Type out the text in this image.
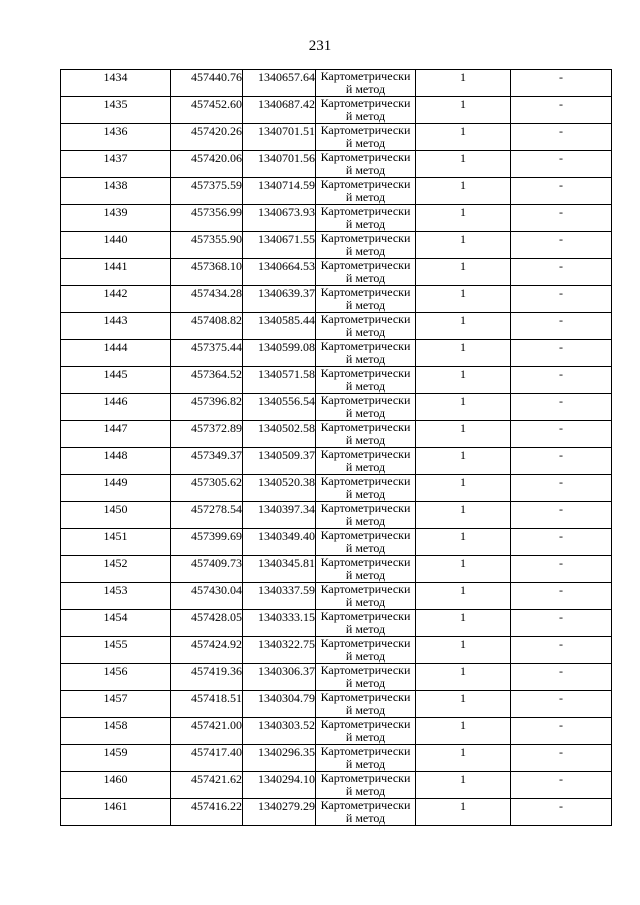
231
1434	457440.76	1340657.64	Картометрически
й метод	1	-

1435	457452.60	1340687.42	Картометрически
й метод	1	-

1436	457420.26	1340701.51	Картометрически
й метод	1	-

1437	457420.06	1340701.56	Картометрически
й метод	1	-

1438	457375.59	1340714.59	Картометрически
й метод	1	-

1439	457356.99	1340673.93	Картометрически
й метод	1	-

1440	457355.90	1340671.55	Картометрически
й метод	1	-

1441	457368.10	1340664.53	Картометрически
й метод	1	-

1442	457434.28	1340639.37	Картометрически
й метод	1	-

1443	457408.82	1340585.44	Картометрически
й метод	1	-

1444	457375.44	1340599.08	Картометрически
й метод	1	-

1445	457364.52	1340571.58	Картометрически
й метод	1	-

1446	457396.82	1340556.54	Картометрически
й метод	1	-

1447	457372.89	1340502.58	Картометрически
й метод	1	-

1448	457349.37	1340509.37	Картометрически
й метод	1	-

1449	457305.62	1340520.38	Картометрически
й метод	1	-

1450	457278.54	1340397.34	Картометрически
й метод	1	-

1451	457399.69	1340349.40	Картометрически
й метод	1	-

1452	457409.73	1340345.81	Картометрически
й метод	1	-

1453	457430.04	1340337.59	Картометрически
й метод	1	-

1454	457428.05	1340333.15	Картометрически
й метод	1	-

1455	457424.92	1340322.75	Картометрически
й метод	1	-

1456	457419.36	1340306.37	Картометрически
й метод	1	-

1457	457418.51	1340304.79	Картометрически
й метод	1	-

1458	457421.00	1340303.52	Картометрически
й метод	1	-

1459	457417.40	1340296.35	Картометрически
й метод	1	-

1460	457421.62	1340294.10	Картометрически
й метод	1	-

1461	457416.22	1340279.29	Картометрически
й метод	1	-
